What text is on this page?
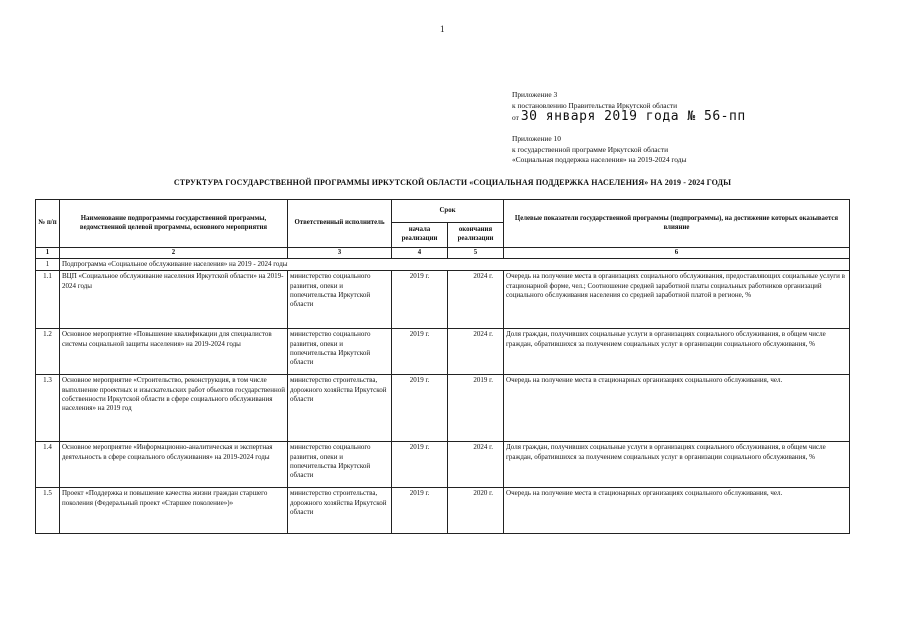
1
Приложение 3
к постановлению Правительства Иркутской области
от 30 января 2019 года № 56-пп
Приложение 10
к государственной программе Иркутской области
«Социальная поддержка населения» на 2019-2024 годы
СТРУКТУРА ГОСУДАРСТВЕННОЙ ПРОГРАММЫ ИРКУТСКОЙ ОБЛАСТИ «СОЦИАЛЬНАЯ ПОДДЕРЖКА НАСЕЛЕНИЯ» НА 2019 - 2024 ГОДЫ
№ п/п	Наименование подпрограммы государственной программы, ведомственной целевой программы, основного мероприятия	Ответственный исполнитель	Срок		Целевые показатели государственной программы (подпрограммы), на достижение которых оказывается влияние
			начала реализации	окончания реализации	
1	2	3	4	5	6
1	Подпрограмма «Социальное обслуживание населения» на 2019 - 2024 годы				
1.1	ВЦП «Социальное обслуживание населения Иркутской области» на 2019-2024 годы	министерство социального развития, опеки и попечительства Иркутской области	2019 г.	2024 г.	Очередь на получение места в организациях социального обслуживания, предоставляющих социальные услуги в стационарной форме, чел.; Соотношение средней заработной платы социальных работников организаций социального обслуживания населения со средней заработной платой в регионе, %
1.2	Основное мероприятие «Повышение квалификации для специалистов системы социальной защиты населения» на 2019-2024 годы	министерство социального развития, опеки и попечительства Иркутской области	2019 г.	2024 г.	Доля граждан, получивших социальные услуги в организациях социального обслуживания, в общем числе граждан, обратившихся за получением социальных услуг в организации социального обслуживания, %
1.3	Основное мероприятие «Строительство, реконструкция, в том числе выполнение проектных и изыскательских работ объектов государственной собственности Иркутской области в сфере социального обслуживания населения» на 2019 год	министерство строительства, дорожного хозяйства Иркутской области	2019 г.	2019 г.	Очередь на получение места в стационарных организациях социального обслуживания, чел.
1.4	Основное мероприятие «Информационно-аналитическая и экспертная деятельность в сфере социального обслуживания» на 2019-2024 годы	министерство социального развития, опеки и попечительства Иркутской области	2019 г.	2024 г.	Доля граждан, получивших социальные услуги в организациях социального обслуживания, в общем числе граждан, обратившихся за получением социальных услуг в организации социального обслуживания, %
1.5	Проект «Поддержка и повышение качества жизни граждан старшего поколения (Федеральный проект «Старшее поколение»)»	министерство строительства, дорожного хозяйства Иркутской области	2019 г.	2020 г.	Очередь на получение места в стационарных организациях социального обслуживания, чел.
